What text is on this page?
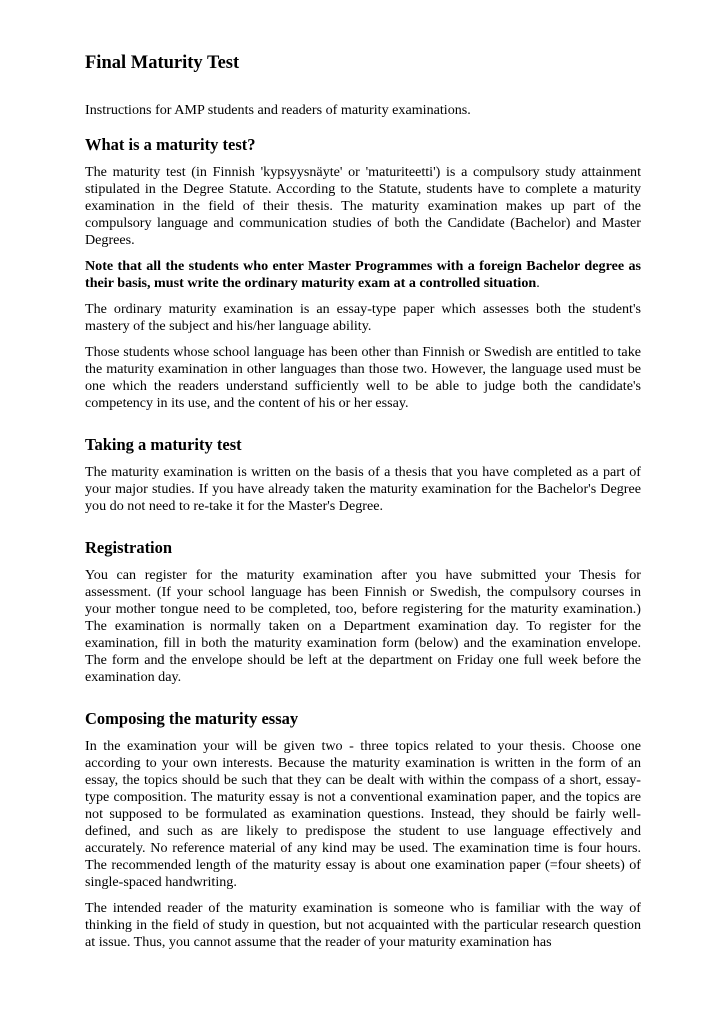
Final Maturity Test

Instructions for AMP students and readers of maturity examinations.

What is a maturity test?

The maturity test (in Finnish 'kypsyysnäyte' or 'maturiteetti') is a compulsory study attainment stipulated in the Degree Statute. According to the Statute, students have to complete a maturity examination in the field of their thesis. The maturity examination makes up part of the compulsory language and communication studies of both the Candidate (Bachelor) and Master Degrees.

Note that all the students who enter Master Programmes with a foreign Bachelor degree as their basis, must write the ordinary maturity exam at a controlled situation.

The ordinary maturity examination is an essay-type paper which assesses both the student's mastery of the subject and his/her language ability.

Those students whose school language has been other than Finnish or Swedish are entitled to take the maturity examination in other languages than those two. However, the language used must be one which the readers understand sufficiently well to be able to judge both the candidate's competency in its use, and the content of his or her essay.

Taking a maturity test

The maturity examination is written on the basis of a thesis that you have completed as a part of your major studies. If you have already taken the maturity examination for the Bachelor's Degree you do not need to re-take it for the Master's Degree.

Registration

You can register for the maturity examination after you have submitted your Thesis for assessment. (If your school language has been Finnish or Swedish, the compulsory courses in your mother tongue need to be completed, too, before registering for the maturity examination.) The examination is normally taken on a Department examination day. To register for the examination, fill in both the maturity examination form (below) and the examination envelope. The form and the envelope should be left at the department on Friday one full week before the examination day.

Composing the maturity essay

In the examination your will be given two - three topics related to your thesis. Choose one according to your own interests. Because the maturity examination is written in the form of an essay, the topics should be such that they can be dealt with within the compass of a short, essay-type composition. The maturity essay is not a conventional examination paper, and the topics are not supposed to be formulated as examination questions. Instead, they should be fairly well-defined, and such as are likely to predispose the student to use language effectively and accurately. No reference material of any kind may be used. The examination time is four hours. The recommended length of the maturity essay is about one examination paper (=four sheets) of single-spaced handwriting.

The intended reader of the maturity examination is someone who is familiar with the way of thinking in the field of study in question, but not acquainted with the particular research question at issue. Thus, you cannot assume that the reader of your maturity examination has
